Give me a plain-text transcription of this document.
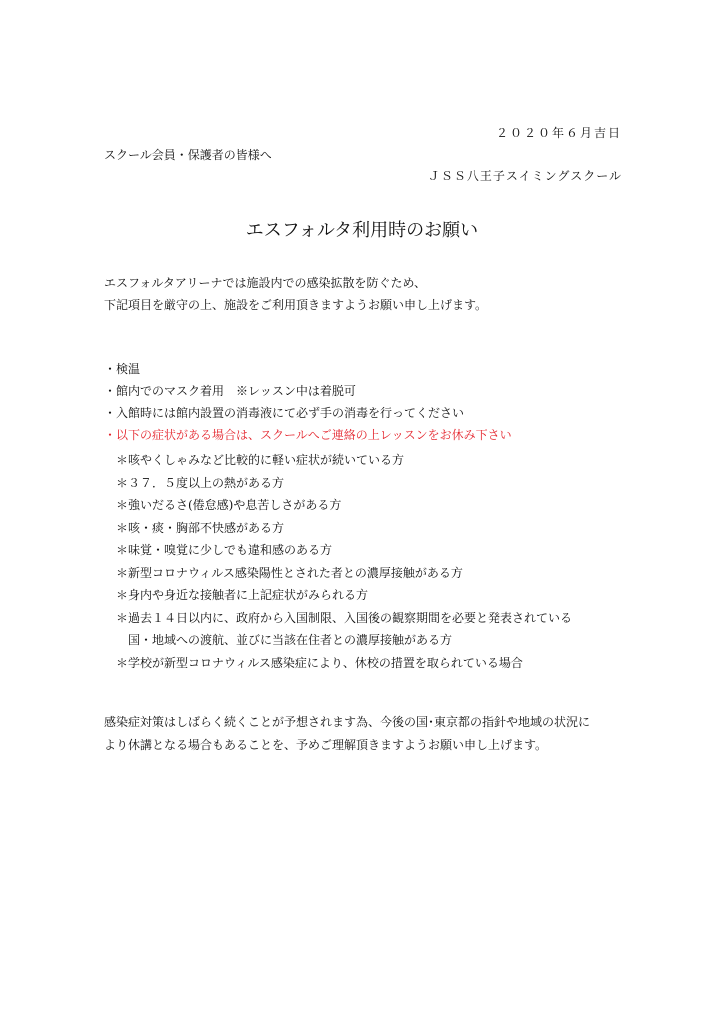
２０２０年６月吉日
スクール会員・保護者の皆様へ
ＪＳＳ八王子スイミングスクール
エスフォルタ利用時のお願い
エスフォルタアリーナでは施設内での感染拡散を防ぐため、
下記項目を厳守の上、施設をご利用頂きますようお願い申し上げます。
・検温
・館内でのマスク着用　※レッスン中は着脱可
・入館時には館内設置の消毒液にて必ず手の消毒を行ってください
・以下の症状がある場合は、スクールへご連絡の上レッスンをお休み下さい
＊咳やくしゃみなど比較的に軽い症状が続いている方
＊３７．５度以上の熱がある方
＊強いだるさ(倦怠感)や息苦しさがある方
＊咳・痰・胸部不快感がある方
＊味覚・嗅覚に少しでも違和感のある方
＊新型コロナウィルス感染陽性とされた者との濃厚接触がある方
＊身内や身近な接触者に上記症状がみられる方
＊過去１４日以内に、政府から入国制限、入国後の観察期間を必要と発表されている
国・地域への渡航、並びに当該在住者との濃厚接触がある方
＊学校が新型コロナウィルス感染症により、休校の措置を取られている場合
感染症対策はしばらく続くことが予想されます為、今後の国･東京都の指針や地域の状況に
より休講となる場合もあることを、予めご理解頂きますようお願い申し上げます。
